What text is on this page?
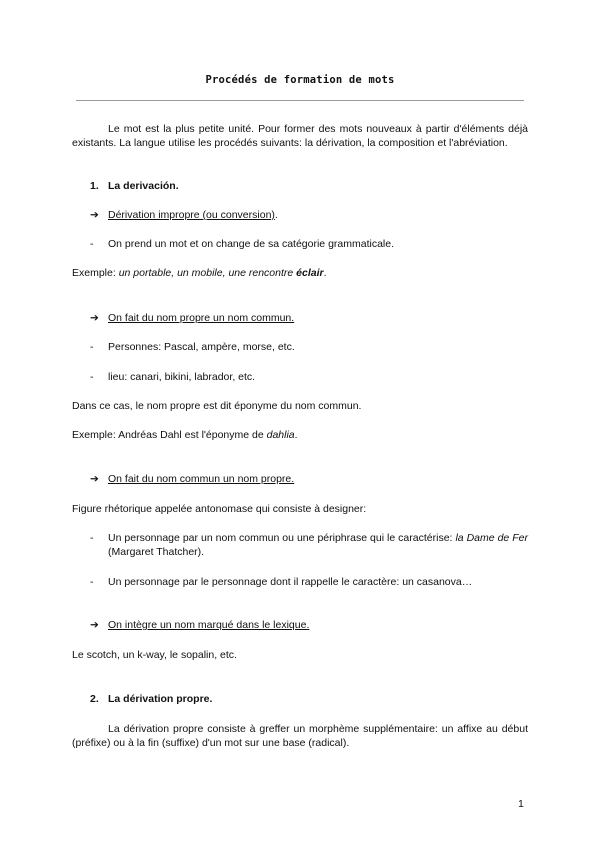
Procédés de formation de mots
Le mot est la plus petite unité. Pour former des mots nouveaux à partir d'éléments déjà existants. La langue utilise les procédés suivants: la dérivation, la composition et l'abréviation.
1. La derivación.
➔ Dérivation impropre (ou conversion).
- On prend un mot et on change de sa catégorie grammaticale.
Exemple: un portable, un mobile, une rencontre éclair.
➔ On fait du nom propre un nom commun.
- Personnes: Pascal, ampère, morse, etc.
- lieu: canari, bikini, labrador, etc.
Dans ce cas, le nom propre est dit éponyme du nom commun.
Exemple: Andréas Dahl est l'éponyme de dahlia.
➔ On fait du nom commun un nom propre.
Figure rhétorique appelée antonomase qui consiste à designer:
- Un personnage par un nom commun ou une périphrase qui le caractérise: la Dame de Fer (Margaret Thatcher).
- Un personnage par le personnage dont il rappelle le caractère: un casanova…
➔ On intègre un nom marqué dans le lexique.
Le scotch, un k-way, le sopalin, etc.
2. La dérivation propre.
La dérivation propre consiste à greffer un morphème supplémentaire: un affixe au début (préfixe) ou à la fin (suffixe) d'un mot sur une base (radical).
1
